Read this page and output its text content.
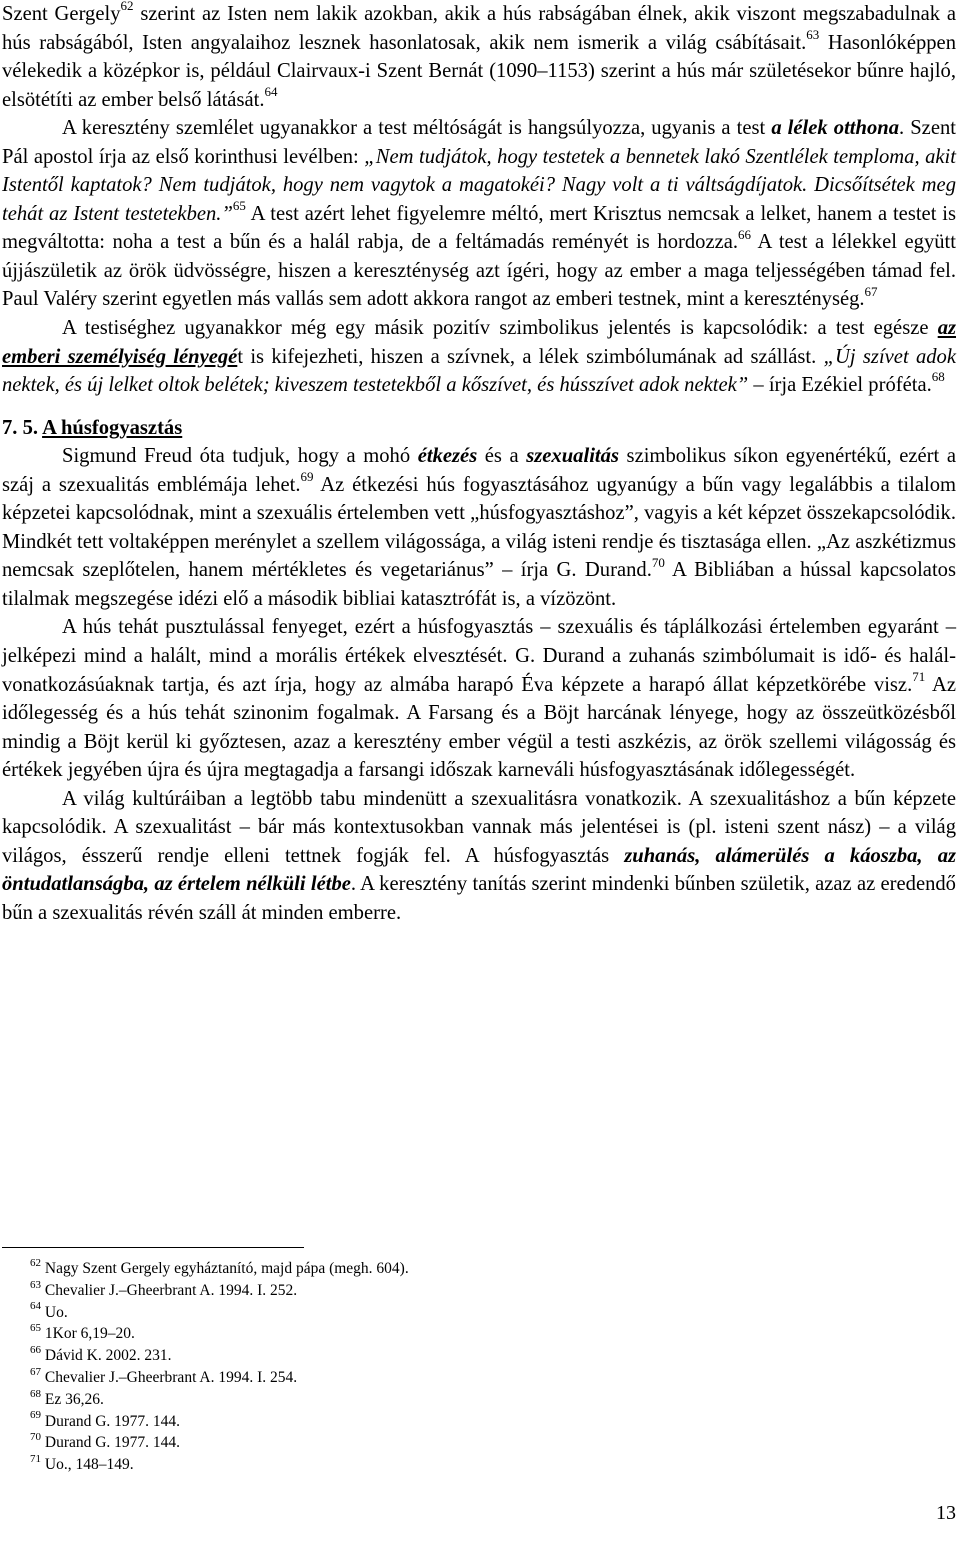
Szent Gergely$^{62}$ szerint az Isten nem lakik azokban, akik a hús rabságában élnek, akik viszont megszabadulnak a hús rabságából, Isten angyalaihoz lesznek hasonlatosak, akik nem ismerik a világ csábításait.$^{63}$ Hasonlóképpen vélekedik a középkor is, például Clairvaux-i Szent Bernát (1090–1153) szerint a hús már születésekor bűnre hajló, elsötétíti az ember belső látását.$^{64}$

A keresztény szemlélet ugyanakkor a test méltóságát is hangsúlyozza, ugyanis a test a lélek otthona. Szent Pál apostol írja az első korinthusi levélben: „Nem tudjátok, hogy testetek a bennetek lakó Szentlélek temploma, akit Istentől kaptatok? Nem tudjátok, hogy nem vagytok a magatokéi? Nagy volt a ti váltságdíjatok. Dicsőítsétek meg tehát az Istent testetekben.”$^{65}$ A test azért lehet figyelemre méltó, mert Krisztus nemcsak a lelket, hanem a testet is megváltotta: noha a test a bűn és a halál rabja, de a feltámadás reményét is hordozza.$^{66}$ A test a lélekkel együtt újjászületik az örök üdvösségre, hiszen a kereszténység azt ígéri, hogy az ember a maga teljességében támad fel. Paul Valéry szerint egyetlen más vallás sem adott akkora rangot az emberi testnek, mint a kereszténység.$^{67}$

A testiséghez ugyanakkor még egy másik pozitív szimbolikus jelentés is kapcsolódik: a test egésze az emberi személyiség lényegét is kifejezheti, hiszen a szívnek, a lélek szimbólumának ad szállást. „Új szívet adok nektek, és új lelket oltok belétek; kiveszem testetekből a kőszívet, és hússzívet adok nektek” – írja Ezékiel próféta.$^{68}$

7. 5. A húsfogyasztás

Sigmund Freud óta tudjuk, hogy a mohó étkezés és a szexualitás szimbolikus síkon egyenértékű, ezért a száj a szexualitás emblémája lehet.$^{69}$ Az étkezési hús fogyasztásához ugyanúgy a bűn vagy legalábbis a tilalom képzetei kapcsolódnak, mint a szexuális értelemben vett „húsfogyasztáshoz”, vagyis a két képzet összekapcsolódik. Mindkét tett voltaképpen merénylet a szellem világossága, a világ isteni rendje és tisztasága ellen. „Az aszkétizmus nemcsak szeplőtelen, hanem mértékletes és vegetariánus” – írja G. Durand.$^{70}$ A Bibliában a hússal kapcsolatos tilalmak megszegése idézi elő a második bibliai katasztrófát is, a vízözönt.

A hús tehát pusztulással fenyeget, ezért a húsfogyasztás – szexuális és táplálkozási értelemben egyaránt – jelképezi mind a halált, mind a morális értékek elvesztését. G. Durand a zuhanás szimbólumait is idő- és halál-vonatkozásúaknak tartja, és azt írja, hogy az almába harapó Éva képzete a harapó állat képzetkörébe visz.$^{71}$ Az időlegesség és a hús tehát szinonim fogalmak. A Farsang és a Böjt harcának lényege, hogy az összeütközésből mindig a Böjt kerül ki győztesen, azaz a keresztény ember végül a testi aszkézis, az örök szellemi világosság és értékek jegyében újra és újra megtagadja a farsangi időszak karneváli húsfogyasztásának időlegességét.

A világ kultúráiban a legtöbb tabu mindenütt a szexualitásra vonatkozik. A szexualitáshoz a bűn képzete kapcsolódik. A szexualitást – bár más kontextusokban vannak más jelentései is (pl. isteni szent nász) – a világ világos, ésszerű rendje elleni tettnek fogják fel. A húsfogyasztás zuhanás, alámerülés a káoszba, az öntudatlanságba, az értelem nélküli létbe. A keresztény tanítás szerint mindenki bűnben születik, azaz az eredendő bűn a szexualitás révén száll át minden emberre.

$^{62}$ Nagy Szent Gergely egyháztanító, majd pápa (megh. 604).

$^{63}$ Chevalier J.–Gheerbrant A. 1994. I. 252.

$^{64}$ Uo.

$^{65}$ 1Kor 6,19–20.

$^{66}$ Dávid K. 2002. 231.

$^{67}$ Chevalier J.–Gheerbrant A. 1994. I. 254.

$^{68}$ Ez 36,26.

$^{69}$ Durand G. 1977. 144.

$^{70}$ Durand G. 1977. 144.

$^{71}$ Uo., 148–149.

13
